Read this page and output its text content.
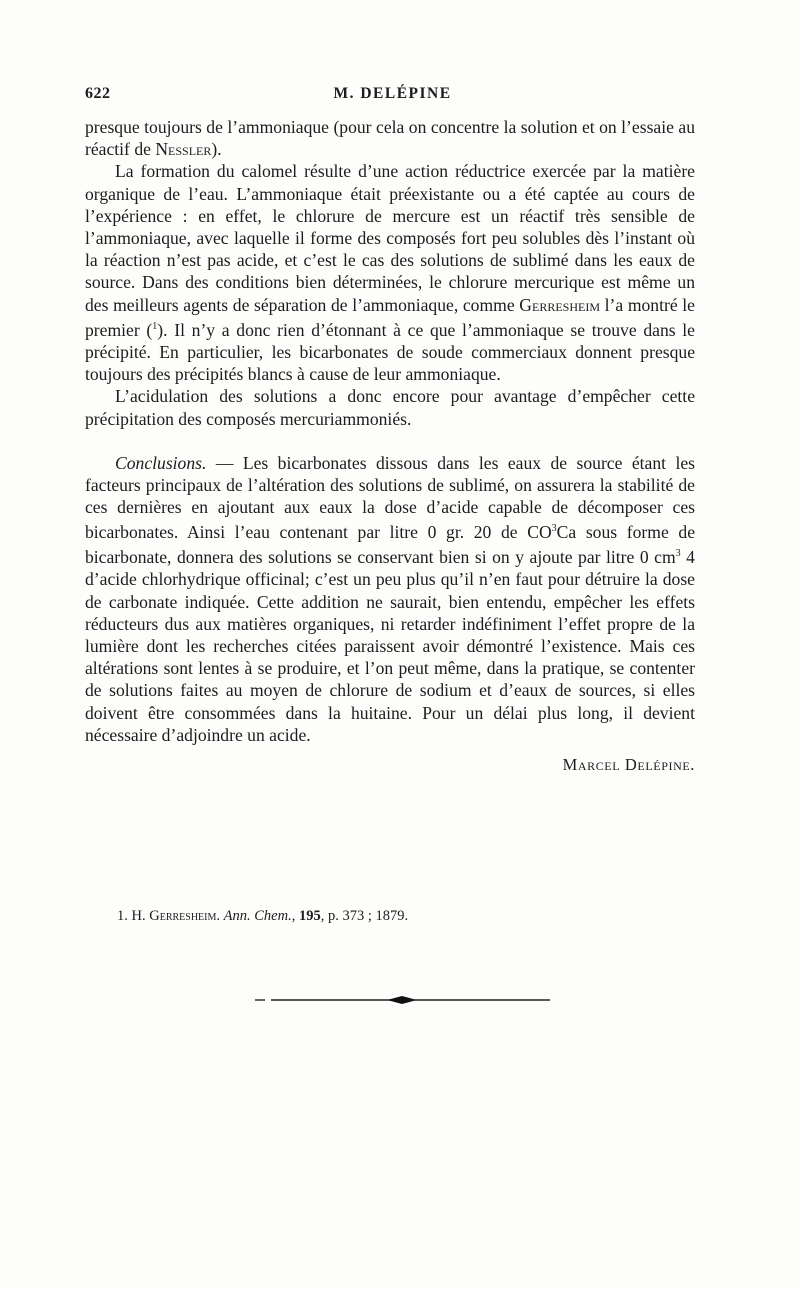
622	M. DELÉPINE

presque toujours de l’ammoniaque (pour cela on concentre la solution et on l’essaie au réactif de Nessler).

La formation du calomel résulte d’une action réductrice exercée par la matière organique de l’eau. L’ammoniaque était préexistante ou a été captée au cours de l’expérience : en effet, le chlorure de mercure est un réactif très sensible de l’ammoniaque, avec laquelle il forme des composés fort peu solubles dès l’instant où la réaction n’est pas acide, et c’est le cas des solutions de sublimé dans les eaux de source. Dans des conditions bien déterminées, le chlorure mercurique est même un des meilleurs agents de séparation de l’ammoniaque, comme Gerresheim l’a montré le premier ($^1$). Il n’y a donc rien d’étonnant à ce que l’ammoniaque se trouve dans le précipité. En particulier, les bicarbonates de soude commerciaux donnent presque toujours des précipités blancs à cause de leur ammoniaque.

L’acidulation des solutions a donc encore pour avantage d’empêcher cette précipitation des composés mercuriammoniés.

Conclusions. — Les bicarbonates dissous dans les eaux de source étant les facteurs principaux de l’altération des solutions de sublimé, on assurera la stabilité de ces dernières en ajoutant aux eaux la dose d’acide capable de décomposer ces bicarbonates. Ainsi l’eau contenant par litre 0 gr. 20 de $CO^3Ca$ sous forme de bicarbonate, donnera des solutions se conservant bien si on y ajoute par litre 0 $cm^3$ 4 d’acide chlorhydrique officinal; c’est un peu plus qu’il n’en faut pour détruire la dose de carbonate indiquée. Cette addition ne saurait, bien entendu, empêcher les effets réducteurs dus aux matières organiques, ni retarder indéfiniment l’effet propre de la lumière dont les recherches citées paraissent avoir démontré l’existence. Mais ces altérations sont lentes à se produire, et l’on peut même, dans la pratique, se contenter de solutions faites au moyen de chlorure de sodium et d’eaux de sources, si elles doivent être consommées dans la huitaine. Pour un délai plus long, il devient nécessaire d’adjoindre un acide.

Marcel Delépine.

1. H. Gerresheim. Ann. Chem., 195, p. 373 ; 1879.
